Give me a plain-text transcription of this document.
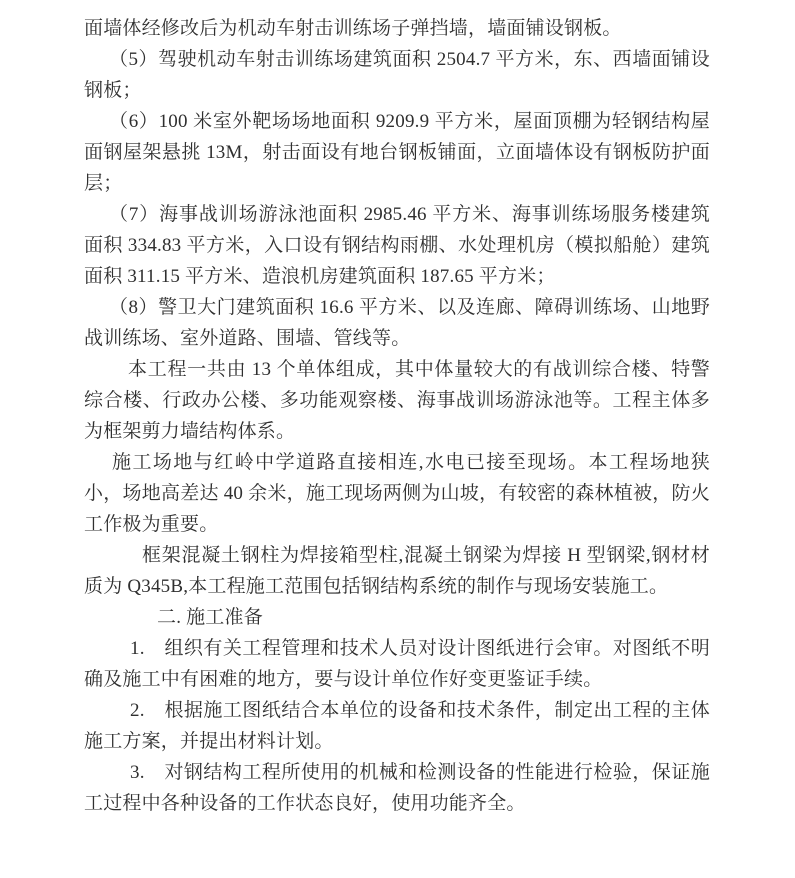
面墙体经修改后为机动车射击训练场子弹挡墙，墙面铺设钢板。

（5）驾驶机动车射击训练场建筑面积 2504.7 平方米，东、西墙面铺设钢板；

（6）100 米室外靶场场地面积 9209.9 平方米，屋面顶棚为轻钢结构屋面钢屋架悬挑 13M，射击面设有地台钢板铺面，立面墙体设有钢板防护面层；

（7）海事战训场游泳池面积 2985.46 平方米、海事训练场服务楼建筑面积 334.83 平方米，入口设有钢结构雨棚、水处理机房（模拟船舱）建筑面积 311.15 平方米、造浪机房建筑面积 187.65 平方米；

（8）警卫大门建筑面积 16.6 平方米、以及连廊、障碍训练场、山地野战训练场、室外道路、围墙、管线等。

本工程一共由 13 个单体组成，其中体量较大的有战训综合楼、特警综合楼、行政办公楼、多功能观察楼、海事战训场游泳池等。工程主体多为框架剪力墙结构体系。

施工场地与红岭中学道路直接相连,水电已接至现场。本工程场地狭小，场地高差达 40 余米，施工现场两侧为山坡，有较密的森林植被，防火工作极为重要。

框架混凝土钢柱为焊接箱型柱,混凝土钢梁为焊接 H 型钢梁,钢材材质为 Q345B,本工程施工范围包括钢结构系统的制作与现场安装施工。

二. 施工准备

1.　组织有关工程管理和技术人员对设计图纸进行会审。对图纸不明确及施工中有困难的地方，要与设计单位作好变更鉴证手续。

2.　根据施工图纸结合本单位的设备和技术条件，制定出工程的主体施工方案，并提出材料计划。

3.　对钢结构工程所使用的机械和检测设备的性能进行检验，保证施工过程中各种设备的工作状态良好，使用功能齐全。
